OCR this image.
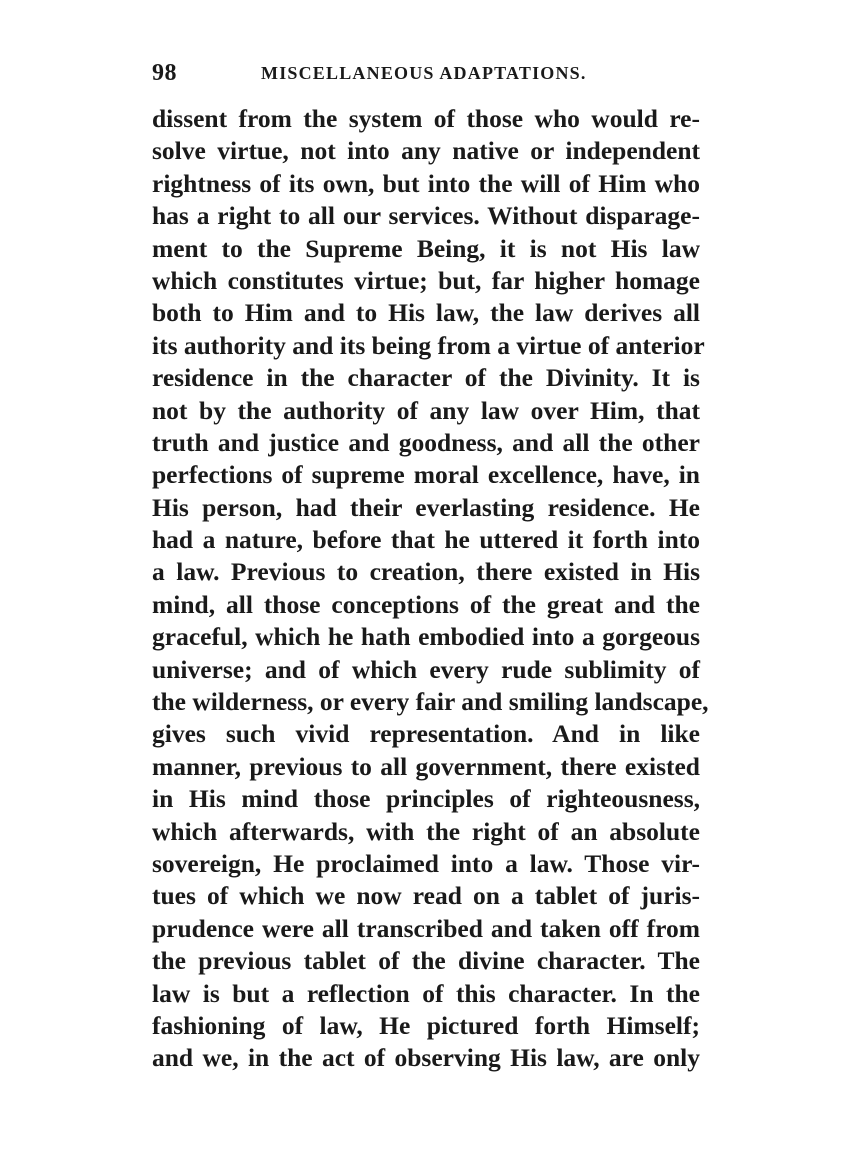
98	MISCELLANEOUS ADAPTATIONS.
dissent from the system of those who would re-
solve virtue, not into any native or independent
rightness of its own, but into the will of Him who
has a right to all our services. Without disparage-
ment to the Supreme Being, it is not His law
which constitutes virtue; but, far higher homage
both to Him and to His law, the law derives all
its authority and its being from a virtue of anterior
residence in the character of the Divinity. It is
not by the authority of any law over Him, that
truth and justice and goodness, and all the other
perfections of supreme moral excellence, have, in
His person, had their everlasting residence. He
had a nature, before that he uttered it forth into
a law. Previous to creation, there existed in His
mind, all those conceptions of the great and the
graceful, which he hath embodied into a gorgeous
universe; and of which every rude sublimity of
the wilderness, or every fair and smiling landscape,
gives such vivid representation. And in like
manner, previous to all government, there existed
in His mind those principles of righteousness,
which afterwards, with the right of an absolute
sovereign, He proclaimed into a law. Those vir-
tues of which we now read on a tablet of juris-
prudence were all transcribed and taken off from
the previous tablet of the divine character. The
law is but a reflection of this character. In the
fashioning of law, He pictured forth Himself;
and we, in the act of observing His law, are only
